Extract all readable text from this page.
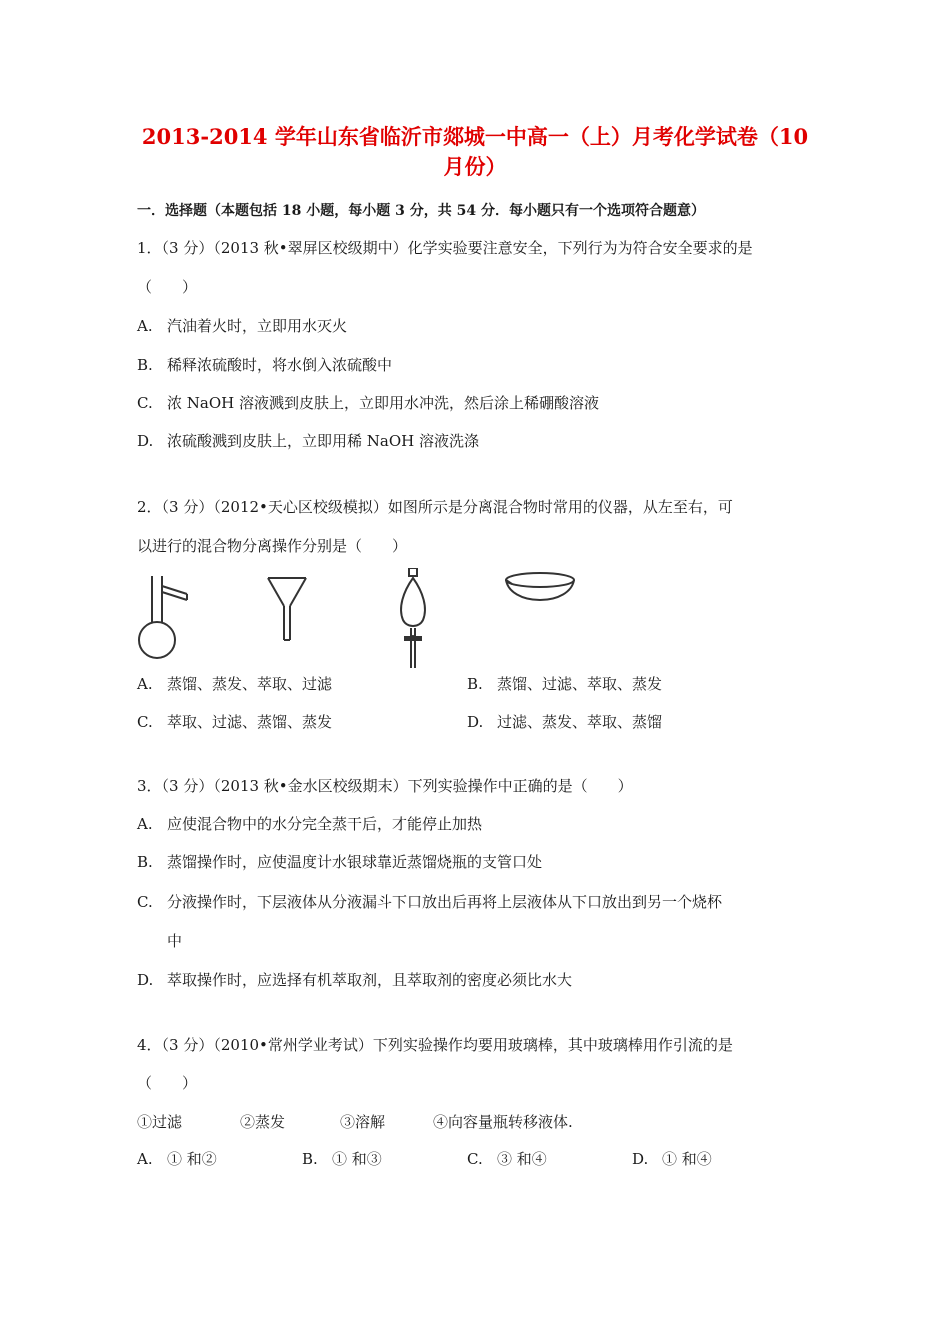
2013-2014 学年山东省临沂市郯城一中高一（上）月考化学试卷（10
月份）
一．选择题（本题包括 18 小题，每小题 3 分，共 54 分．每小题只有一个选项符合题意）
1．（3 分）（2013 秋•翠屏区校级期中）化学实验要注意安全，下列行为为符合安全要求的是
（　　）
A. 汽油着火时，立即用水灭火
B. 稀释浓硫酸时，将水倒入浓硫酸中
C. 浓 NaOH 溶液溅到皮肤上，立即用水冲洗，然后涂上稀硼酸溶液
D. 浓硫酸溅到皮肤上，立即用稀 NaOH 溶液洗涤
2．（3 分）（2012•天心区校级模拟）如图所示是分离混合物时常用的仪器，从左至右，可
以进行的混合物分离操作分别是（　　）
A. 蒸馏、蒸发、萃取、过滤	B. 蒸馏、过滤、萃取、蒸发
C. 萃取、过滤、蒸馏、蒸发	D. 过滤、蒸发、萃取、蒸馏
3．（3 分）（2013 秋•金水区校级期末）下列实验操作中正确的是（　　）
A. 应使混合物中的水分完全蒸干后，才能停止加热
B. 蒸馏操作时，应使温度计水银球靠近蒸馏烧瓶的支管口处
C. 分液操作时，下层液体从分液漏斗下口放出后再将上层液体从下口放出到另一个烧杯
中
D. 萃取操作时，应选择有机萃取剂，且萃取剂的密度必须比水大
4．（3 分）（2010•常州学业考试）下列实验操作均要用玻璃棒，其中玻璃棒用作引流的是
（　　）
①过滤	②蒸发	③溶解	④向容量瓶转移液体.
A. ① 和②	B. ① 和③	C. ③ 和④	D. ① 和④
